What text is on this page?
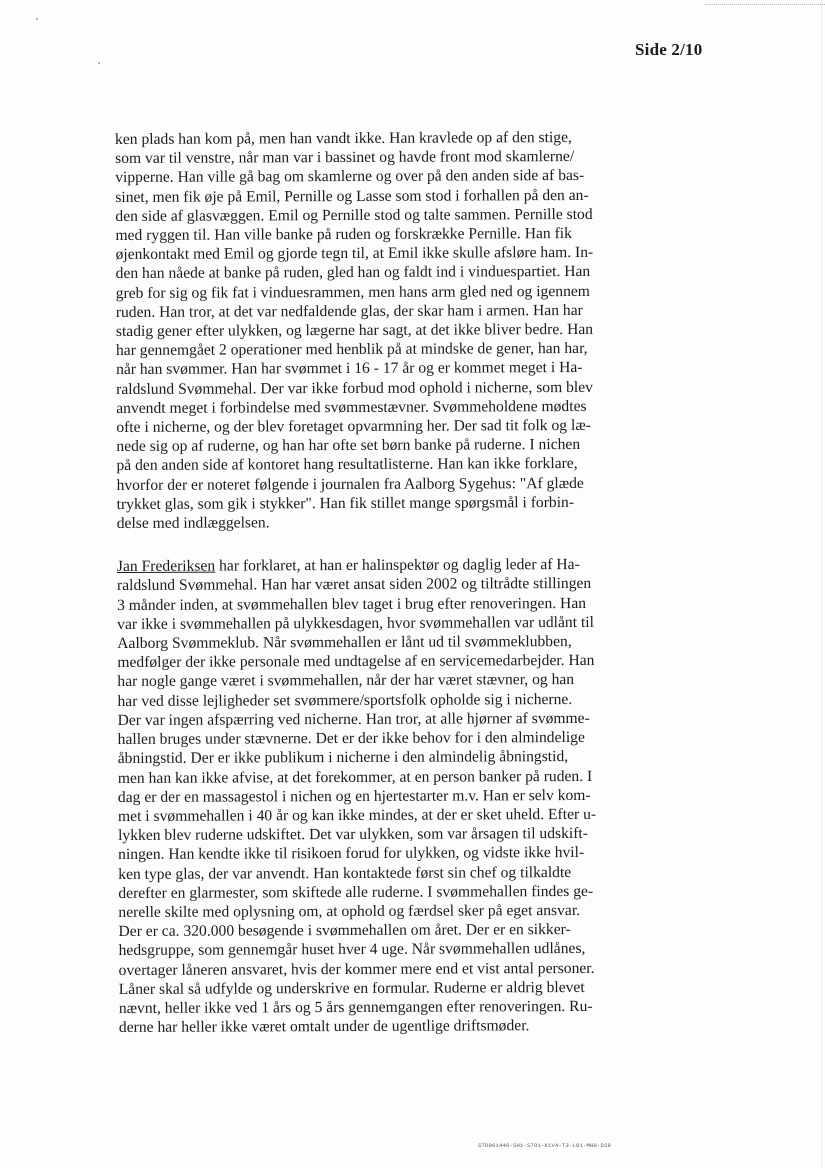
Side 2/10
ken plads han kom på, men han vandt ikke. Han kravlede op af den stige,
som var til venstre, når man var i bassinet og havde front mod skamlerne/
vipperne. Han ville gå bag om skamlerne og over på den anden side af bas-
sinet, men fik øje på Emil, Pernille og Lasse som stod i forhallen på den an-
den side af glasvæggen. Emil og Pernille stod og talte sammen. Pernille stod
med ryggen til. Han ville banke på ruden og forskrække Pernille. Han fik
øjenkontakt med Emil og gjorde tegn til, at Emil ikke skulle afsløre ham. In-
den han nåede at banke på ruden, gled han og faldt ind i vinduespartiet. Han
greb for sig og fik fat i vinduesrammen, men hans arm gled ned og igennem
ruden. Han tror, at det var nedfaldende glas, der skar ham i armen. Han har
stadig gener efter ulykken, og lægerne har sagt, at det ikke bliver bedre. Han
har gennemgået 2 operationer med henblik på at mindske de gener, han har,
når han svømmer. Han har svømmet i 16 - 17 år og er kommet meget i Ha-
raldslund Svømmehal. Der var ikke forbud mod ophold i nicherne, som blev
anvendt meget i forbindelse med svømmestævner. Svømmeholdene mødtes
ofte i nicherne, og der blev foretaget opvarmning her. Der sad tit folk og læ-
nede sig op af ruderne, og han har ofte set børn banke på ruderne. I nichen
på den anden side af kontoret hang resultatlisterne. Han kan ikke forklare,
hvorfor der er noteret følgende i journalen fra Aalborg Sygehus: "Af glæde
trykket glas, som gik i stykker". Han fik stillet mange spørgsmål i forbin-
delse med indlæggelsen.
Jan Frederiksen har forklaret, at han er halinspektør og daglig leder af Ha-
raldslund Svømmehal. Han har været ansat siden 2002 og tiltrådte stillingen
3 månder inden, at svømmehallen blev taget i brug efter renoveringen. Han
var ikke i svømmehallen på ulykkesdagen, hvor svømmehallen var udlånt til
Aalborg Svømmeklub. Når svømmehallen er lånt ud til svømmeklubben,
medfølger der ikke personale med undtagelse af en servicemedarbejder. Han
har nogle gange været i svømmehallen, når der har været stævner, og han
har ved disse lejligheder set svømmere/sportsfolk opholde sig i nicherne.
Der var ingen afspærring ved nicherne. Han tror, at alle hjørner af svømme-
hallen bruges under stævnerne. Det er der ikke behov for i den almindelige
åbningstid. Der er ikke publikum i nicherne i den almindelig åbningstid,
men han kan ikke afvise, at det forekommer, at en person banker på ruden. I
dag er der en massagestol i nichen og en hjertestarter m.v. Han er selv kom-
met i svømmehallen i 40 år og kan ikke mindes, at der er sket uheld. Efter u-
lykken blev ruderne udskiftet. Det var ulykken, som var årsagen til udskift-
ningen. Han kendte ikke til risikoen forud for ulykken, og vidste ikke hvil-
ken type glas, der var anvendt. Han kontaktede først sin chef og tilkaldte
derefter en glarmester, som skiftede alle ruderne. I svømmehallen findes ge-
nerelle skilte med oplysning om, at ophold og færdsel sker på eget ansvar.
Der er ca. 320.000 besøgende i svømmehallen om året. Der er en sikker-
hedsgruppe, som gennemgår huset hver 4 uge. Når svømmehallen udlånes,
overtager låneren ansvaret, hvis der kommer mere end et vist antal personer.
Låner skal så udfylde og underskrive en formular. Ruderne er aldrig blevet
nævnt, heller ikke ved 1 års og 5 års gennemgangen efter renoveringen. Ru-
derne har heller ikke været omtalt under de ugentlige driftsmøder.
STD061446-SH1-S7O1-K1V4-T3-L01-MH0-D29
